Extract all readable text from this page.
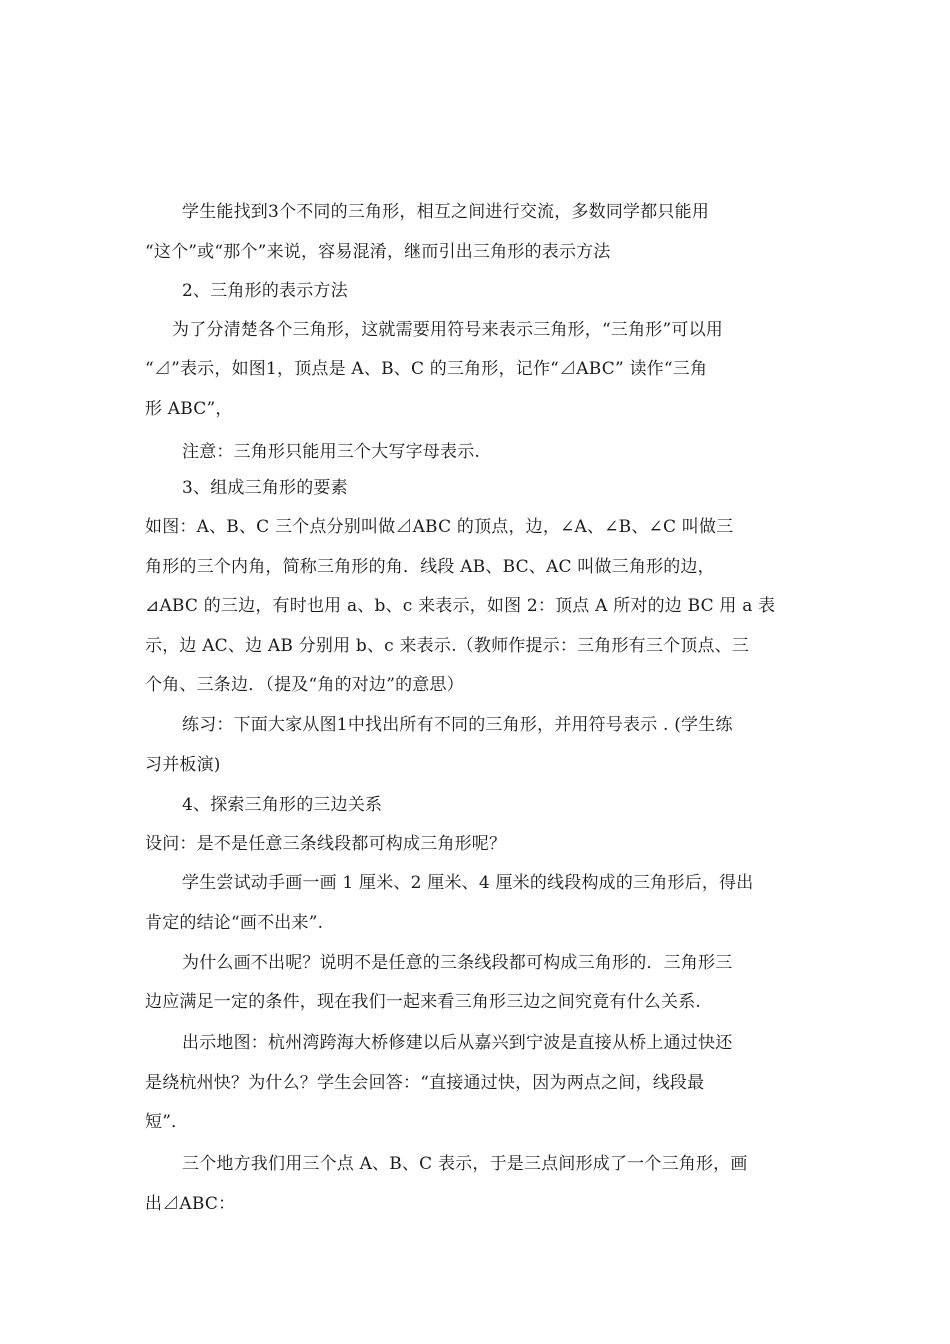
学生能找到3个不同的三角形，相互之间进行交流，多数同学都只能用
“这个”或“那个”来说，容易混淆，继而引出三角形的表示方法
2、三角形的表示方法
为了分清楚各个三角形，这就需要用符号来表示三角形，“三角形”可以用
“⊿”表示，如图1，顶点是 A、B、C 的三角形，记作“⊿ABC” 读作“三角
形 ABC”，
注意：三角形只能用三个大写字母表示.
3、组成三角形的要素
如图：A、B、C 三个点分别叫做⊿ABC 的顶点，边，∠A、∠B、∠C 叫做三
角形的三个内角，简称三角形的角．线段 AB、BC、AC 叫做三角形的边，
⊿ABC 的三边，有时也用 a、b、c 来表示，如图 2：顶点 A 所对的边 BC 用 a 表
示，边 AC、边 AB 分别用 b、c 来表示.（教师作提示：三角形有三个顶点、三
个角、三条边．（提及“角的对边”的意思）
练习：下面大家从图1中找出所有不同的三角形，并用符号表示 . (学生练
习并板演)
4、探索三角形的三边关系
设问：是不是任意三条线段都可构成三角形呢？
学生尝试动手画一画 1 厘米、2 厘米、4 厘米的线段构成的三角形后，得出
肯定的结论“画不出来”.
为什么画不出呢？说明不是任意的三条线段都可构成三角形的．三角形三
边应满足一定的条件，现在我们一起来看三角形三边之间究竟有什么关系.
出示地图：杭州湾跨海大桥修建以后从嘉兴到宁波是直接从桥上通过快还
是绕杭州快？为什么？学生会回答：“直接通过快，因为两点之间，线段最
短”．
三个地方我们用三个点 A、B、C 表示，于是三点间形成了一个三角形，画
出⊿ABC：
